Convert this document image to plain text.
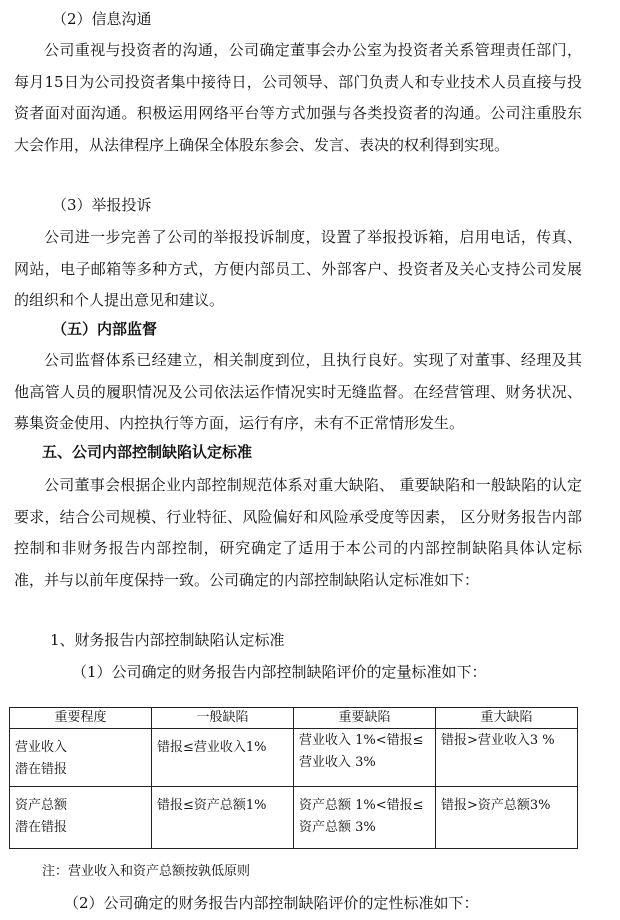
（2）信息沟通

公司重视与投资者的沟通，公司确定董事会办公室为投资者关系管理责任部门，每月15日为公司投资者集中接待日，公司领导、部门负责人和专业技术人员直接与投资者面对面沟通。积极运用网络平台等方式加强与各类投资者的沟通。公司注重股东大会作用，从法律程序上确保全体股东参会、发言、表决的权利得到实现。

（3）举报投诉

公司进一步完善了公司的举报投诉制度，设置了举报投诉箱，启用电话，传真、网站，电子邮箱等多种方式，方便内部员工、外部客户、投资者及关心支持公司发展的组织和个人提出意见和建议。

（五）内部监督

公司监督体系已经建立，相关制度到位，且执行良好。实现了对董事、经理及其他高管人员的履职情况及公司依法运作情况实时无缝监督。在经营管理、财务状况、募集资金使用、内控执行等方面，运行有序，未有不正常情形发生。

五、公司内部控制缺陷认定标准

公司董事会根据企业内部控制规范体系对重大缺陷、 重要缺陷和一般缺陷的认定要求，结合公司规模、行业特征、风险偏好和风险承受度等因素， 区分财务报告内部控制和非财务报告内部控制，研究确定了适用于本公司的内部控制缺陷具体认定标准，并与以前年度保持一致。公司确定的内部控制缺陷认定标准如下：

1、财务报告内部控制缺陷认定标准

（1）公司确定的财务报告内部控制缺陷评价的定量标准如下：

重要程度	一般缺陷	重要缺陷	重大缺陷
营业收入
潜在错报	错报≤营业收入1%	营业收入 1%<错报≤营业收入 3%	错报>营业收入3 %
资产总额
潜在错报	错报≤资产总额1%	资产总额 1%<错报≤资产总额 3%	错报>资产总额3%

注：营业收入和资产总额按孰低原则

（2）公司确定的财务报告内部控制缺陷评价的定性标准如下：
